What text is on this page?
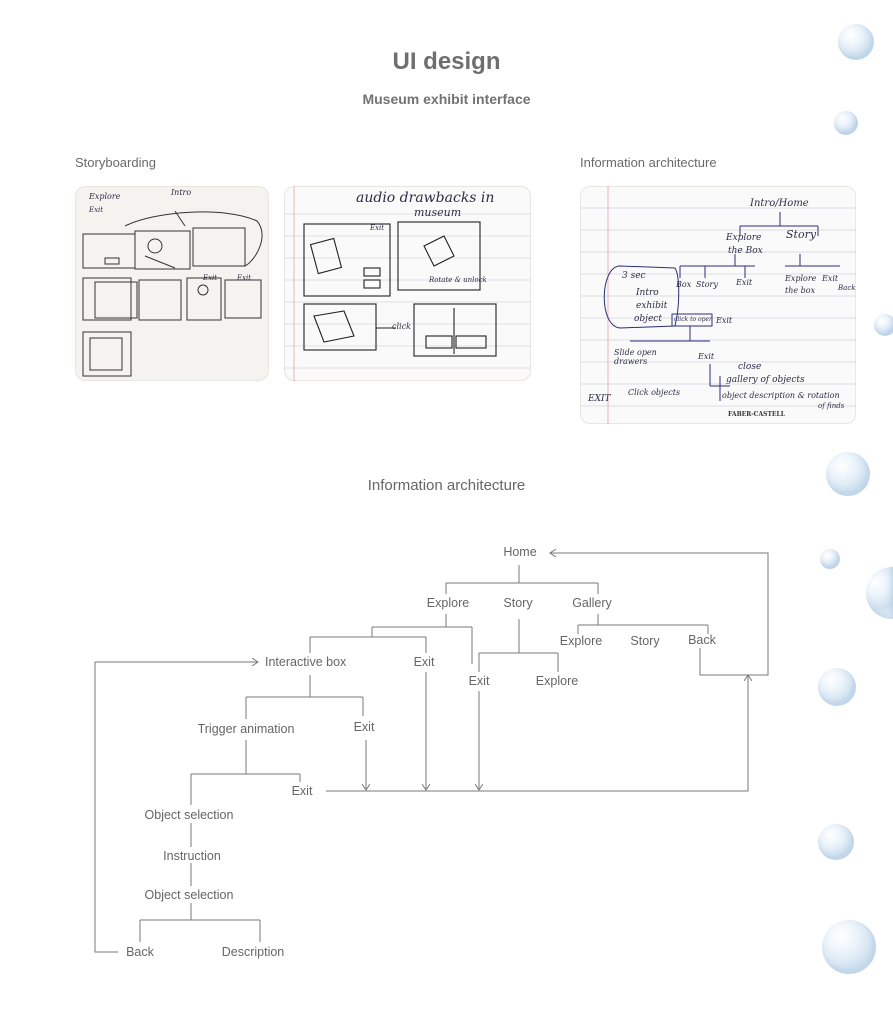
UI design
Museum exhibit interface
Storyboarding	Information architecture
Explore	Intro
Exit
Exit	Exit
audio drawbacks in
museum
Rotate & unlock
click
Exit
Intro/Home
Explore
the Box
Story
3 sec
Intro
exhibit
object
Box Story Exit	Explore
the box
Exit
Back
click to open Exit
Slide open drawers
Exit
close
gallery of objects
object description & rotation
of finds
EXIT
Click objects
FABER-CASTELL
Information architecture
Home
Explore	Story	Gallery
Explore Story Back
Interactive box	Exit
Exit	Explore
Trigger animation	Exit
Exit
Object selection
Instruction
Object selection
Back	Description
